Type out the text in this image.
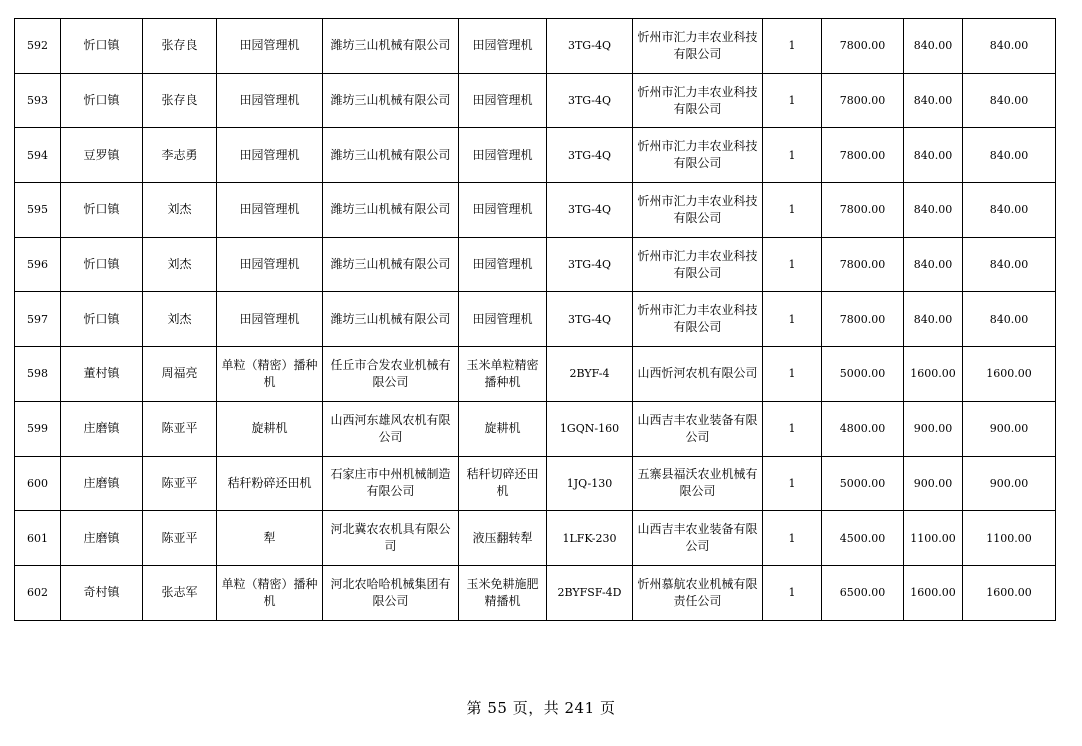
592	忻口镇	张存良	田园管理机	潍坊三山机械有限公司	田园管理机	3TG-4Q	忻州市汇力丰农业科技有限公司	1	7800.00	840.00	840.00
593	忻口镇	张存良	田园管理机	潍坊三山机械有限公司	田园管理机	3TG-4Q	忻州市汇力丰农业科技有限公司	1	7800.00	840.00	840.00
594	豆罗镇	李志勇	田园管理机	潍坊三山机械有限公司	田园管理机	3TG-4Q	忻州市汇力丰农业科技有限公司	1	7800.00	840.00	840.00
595	忻口镇	刘杰	田园管理机	潍坊三山机械有限公司	田园管理机	3TG-4Q	忻州市汇力丰农业科技有限公司	1	7800.00	840.00	840.00
596	忻口镇	刘杰	田园管理机	潍坊三山机械有限公司	田园管理机	3TG-4Q	忻州市汇力丰农业科技有限公司	1	7800.00	840.00	840.00
597	忻口镇	刘杰	田园管理机	潍坊三山机械有限公司	田园管理机	3TG-4Q	忻州市汇力丰农业科技有限公司	1	7800.00	840.00	840.00
598	董村镇	周福亮	单粒（精密）播种机	任丘市合发农业机械有限公司	玉米单粒精密播种机	2BYF-4	山西忻河农机有限公司	1	5000.00	1600.00	1600.00
599	庄磨镇	陈亚平	旋耕机	山西河东雄风农机有限公司	旋耕机	1GQN-160	山西吉丰农业装备有限公司	1	4800.00	900.00	900.00
600	庄磨镇	陈亚平	秸秆粉碎还田机	石家庄市中州机械制造有限公司	秸秆切碎还田机	1JQ-130	五寨县福沃农业机械有限公司	1	5000.00	900.00	900.00
601	庄磨镇	陈亚平	犁	河北冀农农机具有限公司	液压翻转犁	1LFK-230	山西吉丰农业装备有限公司	1	4500.00	1100.00	1100.00
602	奇村镇	张志军	单粒（精密）播种机	河北农哈哈机械集团有限公司	玉米免耕施肥精播机	2BYFSF-4D	忻州慕航农业机械有限责任公司	1	6500.00	1600.00	1600.00
第 55 页，共 241 页
